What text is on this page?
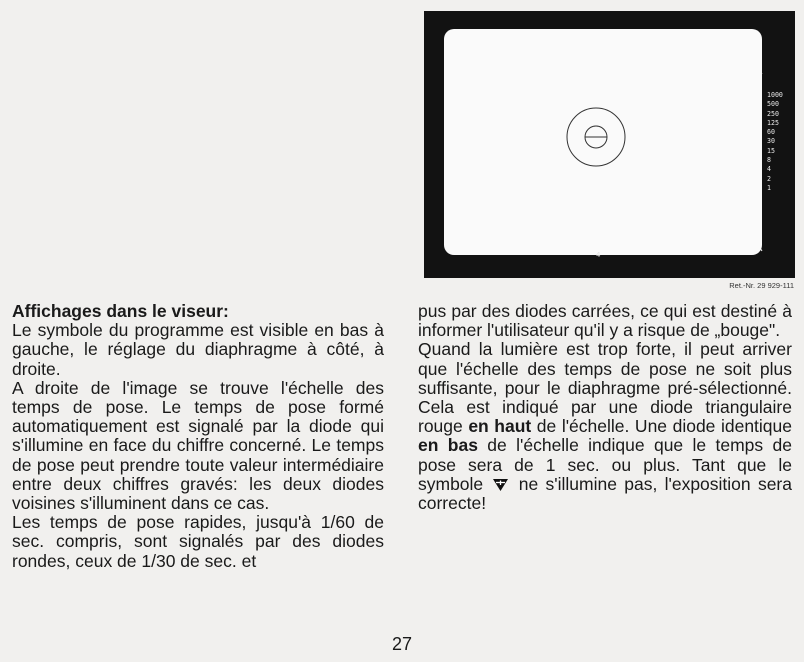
1000
500
250
125
60
30
15
8
4
2
1
4
Ret.-Nr. 29 929-111

Affichages dans le viseur:

Le symbole du programme est visible en bas à gauche, le réglage du diaphragme à côté, à droite.

A droite de l'image se trouve l'échelle des temps de pose. Le temps de pose formé automatiquement est signalé par la diode qui s'illumine en face du chiffre concerné. Le temps de pose peut prendre toute valeur intermédiaire entre deux chiffres gravés: les deux diodes voisines s'illuminent dans ce cas.

Les temps de pose rapides, jusqu'à 1/60 de sec. compris, sont signalés par des diodes rondes, ceux de 1/30 de sec. et

pus par des diodes carrées, ce qui est destiné à informer l'utilisateur qu'il y a risque de „bouge".

Quand la lumière est trop forte, il peut arriver que l'échelle des temps de pose ne soit plus suffisante, pour le diaphragme pré-sélectionné. Cela est indiqué par une diode triangulaire rouge en haut de l'échelle. Une diode identique en bas de l'échelle indique que le temps de pose sera de 1 sec. ou plus. Tant que le symbole  ne s'illumine pas, l'exposition sera correcte!

27
